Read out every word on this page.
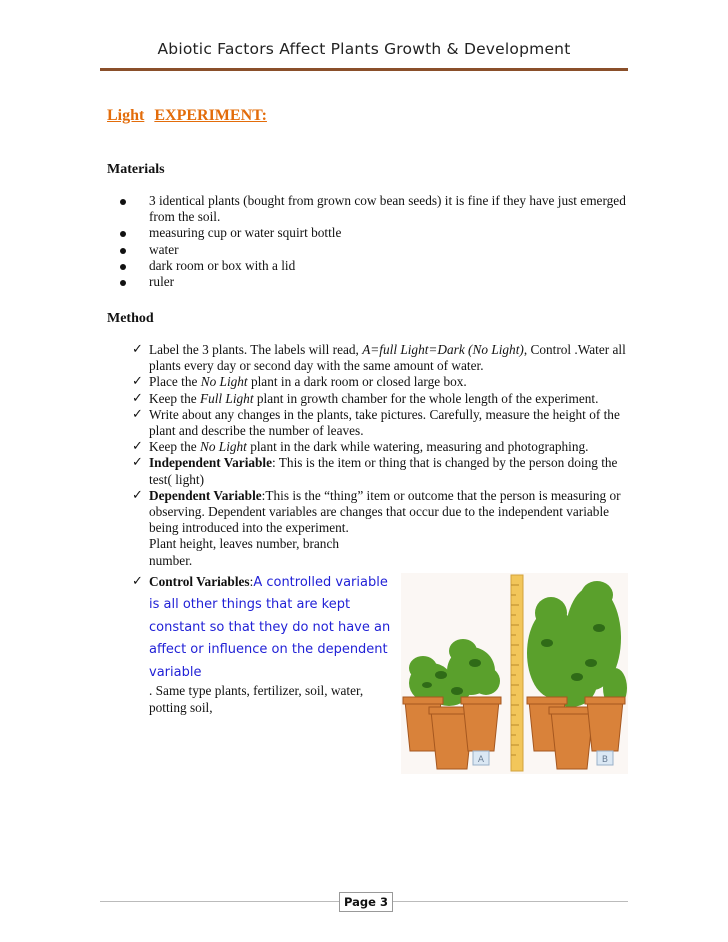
Abiotic Factors Affect Plants Growth & Development
Light EXPERIMENT:
Materials
3 identical plants (bought from grown cow bean seeds) it is fine if they have just emerged from the soil.
measuring cup or water squirt bottle
water
dark room or box with a lid
ruler
Method
✓ Label the 3 plants. The labels will read, A=full Light=Dark (No Light), Control .Water all plants every day or second day with the same amount of water.
✓ Place the No Light plant in a dark room or closed large box.
✓ Keep the Full Light plant in growth chamber for the whole length of the experiment.
✓ Write about any changes in the plants, take pictures. Carefully, measure the height of the plant and describe the number of leaves.
✓ Keep the No Light plant in the dark while watering, measuring and photographing.
✓ Independent Variable: This is the item or thing that is changed by the person doing the test( light)
✓ Dependent Variable:This is the “thing” item or outcome that the person is measuring or observing. Dependent variables are changes that occur due to the independent variable being introduced into the experiment.
Plant height, leaves number, branch
number.
✓ Control Variables:A controlled variable is all other things that are kept constant so that they do not have an affect or influence on the dependent variable
. Same type plants, fertilizer, soil, water, potting soil,
A	B
Page 3
